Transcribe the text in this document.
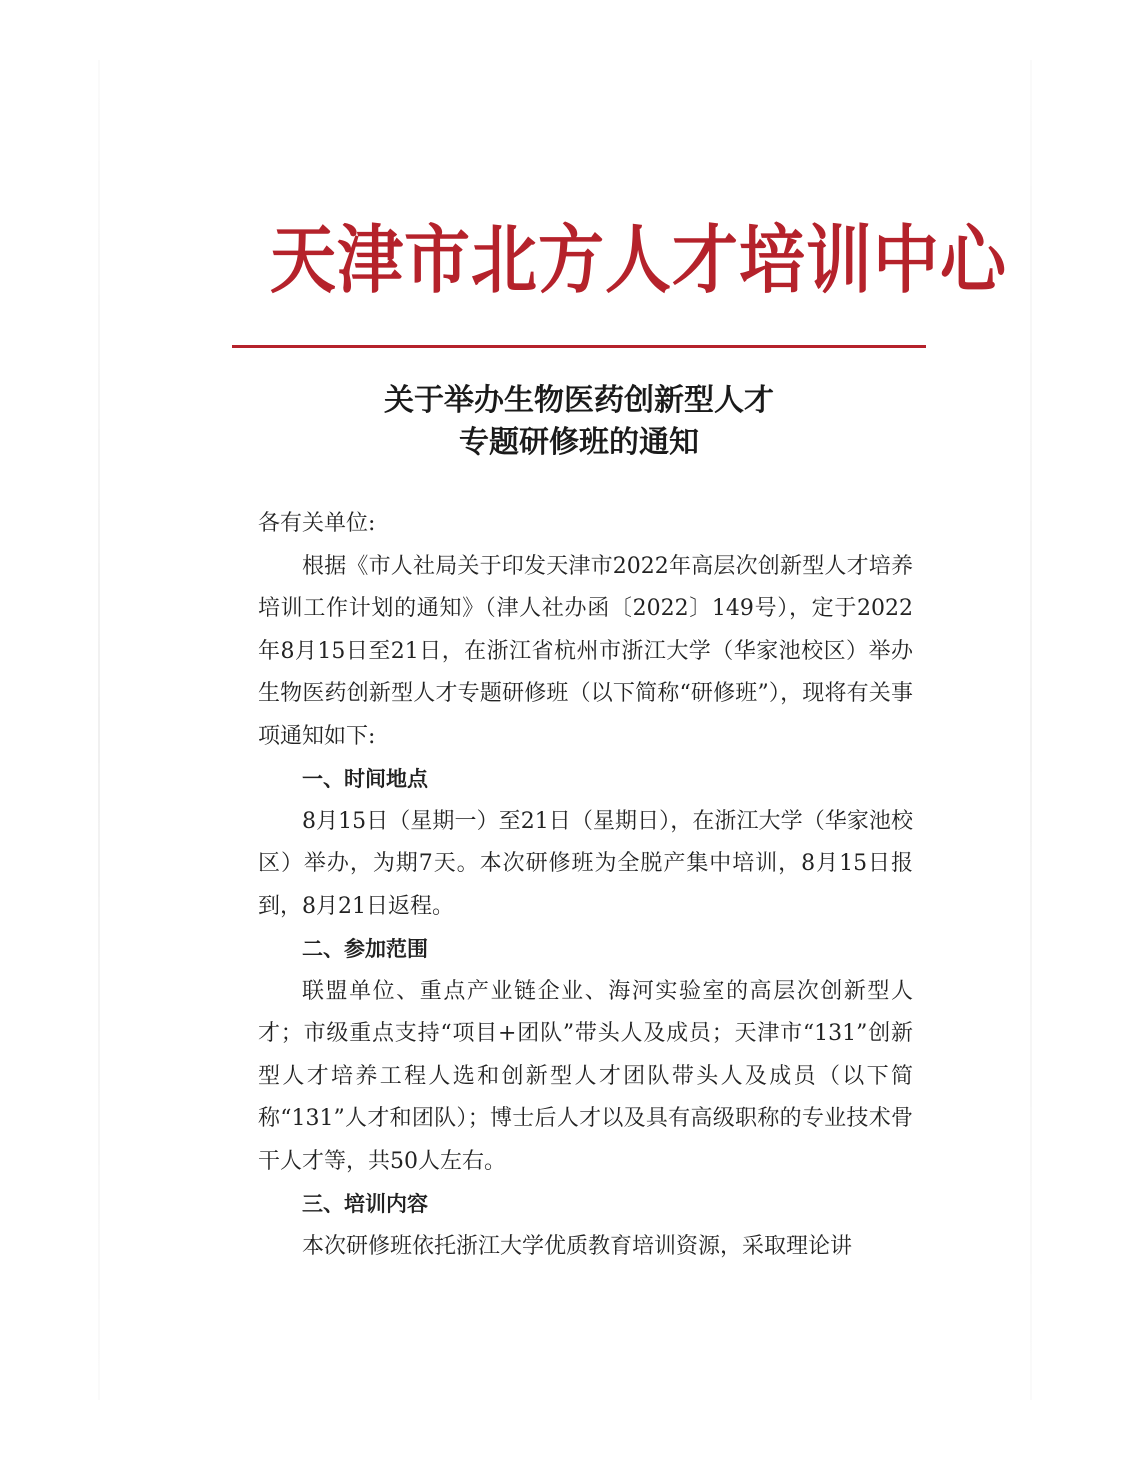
天津市北方人才培训中心
关于举办生物医药创新型人才
专题研修班的通知

各有关单位:

根据《市人社局关于印发天津市2022年高层次创新型人才培养培训工作计划的通知》（津人社办函〔2022〕149号），定于2022年8月15日至21日，在浙江省杭州市浙江大学（华家池校区）举办生物医药创新型人才专题研修班（以下简称“研修班”），现将有关事项通知如下:

一、时间地点

8月15日（星期一）至21日（星期日），在浙江大学（华家池校区）举办，为期7天。本次研修班为全脱产集中培训，8月15日报到，8月21日返程。

二、参加范围

联盟单位、重点产业链企业、海河实验室的高层次创新型人才；市级重点支持“项目+团队”带头人及成员；天津市“131”创新型人才培养工程人选和创新型人才团队带头人及成员（以下简称“131”人才和团队）；博士后人才以及具有高级职称的专业技术骨干人才等，共50人左右。

三、培训内容

本次研修班依托浙江大学优质教育培训资源，采取理论讲
